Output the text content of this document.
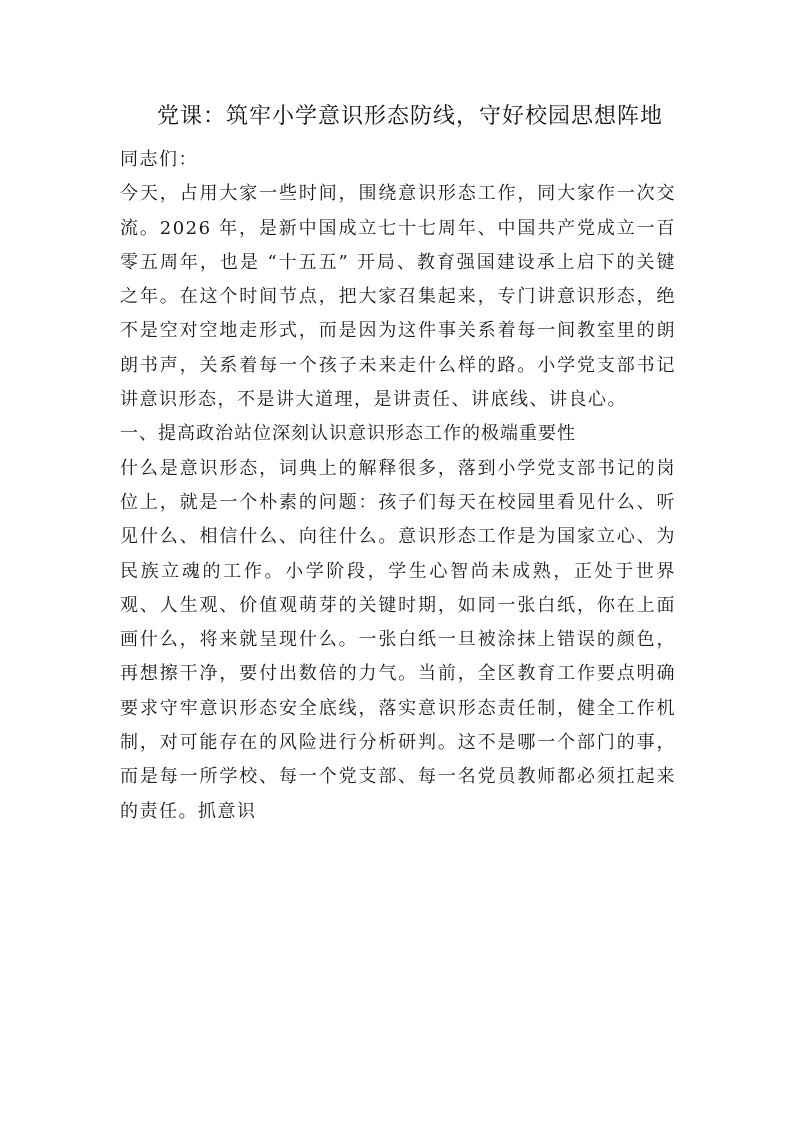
党课：筑牢小学意识形态防线，守好校园思想阵地

同志们：

今天，占用大家一些时间，围绕意识形态工作，同大家作一次交流。2026 年，是新中国成立七十七周年、中国共产党成立一百零五周年，也是 “十五五” 开局、教育强国建设承上启下的关键之年。在这个时间节点，把大家召集起来，专门讲意识形态，绝不是空对空地走形式，而是因为这件事关系着每一间教室里的朗朗书声，关系着每一个孩子未来走什么样的路。小学党支部书记讲意识形态，不是讲大道理，是讲责任、讲底线、讲良心。

一、提高政治站位深刻认识意识形态工作的极端重要性

什么是意识形态，词典上的解释很多，落到小学党支部书记的岗位上，就是一个朴素的问题：孩子们每天在校园里看见什么、听见什么、相信什么、向往什么。意识形态工作是为国家立心、为民族立魂的工作。小学阶段，学生心智尚未成熟，正处于世界观、人生观、价值观萌芽的关键时期，如同一张白纸，你在上面画什么，将来就呈现什么。一张白纸一旦被涂抹上错误的颜色，再想擦干净，要付出数倍的力气。当前，全区教育工作要点明确要求守牢意识形态安全底线，落实意识形态责任制，健全工作机制，对可能存在的风险进行分析研判。这不是哪一个部门的事，而是每一所学校、每一个党支部、每一名党员教师都必须扛起来的责任。抓意识
